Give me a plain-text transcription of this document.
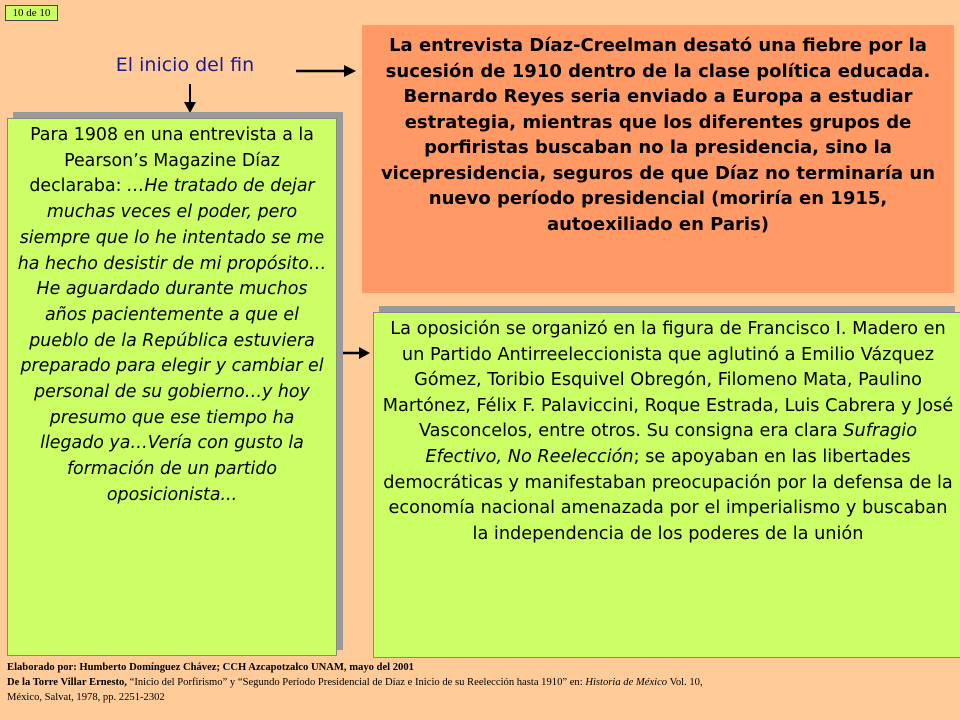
10 de 10
El inicio del fin
La entrevista Díaz-Creelman desató una fiebre por la sucesión de 1910 dentro de la clase política educada. Bernardo Reyes seria enviado a Europa a estudiar estrategia, mientras que los diferentes grupos de porfiristas buscaban no la presidencia, sino la vicepresidencia, seguros de que Díaz no terminaría un nuevo período presidencial (moriría en 1915, autoexiliado en Paris)
Para 1908 en una entrevista a la Pearson’s Magazine Díaz declaraba: …He tratado de dejar muchas veces el poder, pero siempre que lo he intentado se me ha hecho desistir de mi propósito…He aguardado durante muchos años pacientemente a que el pueblo de la República estuviera preparado para elegir y cambiar el personal de su gobierno…y hoy presumo que ese tiempo ha llegado ya…Vería con gusto la formación de un partido oposicionista...
La oposición se organizó en la figura de Francisco I. Madero en un Partido Antirreeleccionista que aglutinó a Emilio Vázquez Gómez, Toribio Esquivel Obregón, Filomeno Mata, Paulino Martónez, Félix F. Palaviccini, Roque Estrada, Luis Cabrera y José Vasconcelos, entre otros. Su consigna era clara Sufragio Efectivo, No Reelección; se apoyaban en las libertades democráticas y manifestaban preocupación por la defensa de la economía nacional amenazada por el imperialismo y buscaban la independencia de los poderes de la unión
Elaborado por: Humberto Domínguez Chávez; CCH Azcapotzalco UNAM, mayo del 2001
De la Torre Villar Ernesto, “Inicio del Porfirismo” y “Segundo Período Presidencial de Díaz e Inicio de su Reelección hasta 1910” en: Historia de México Vol. 10,
México, Salvat, 1978, pp. 2251-2302
